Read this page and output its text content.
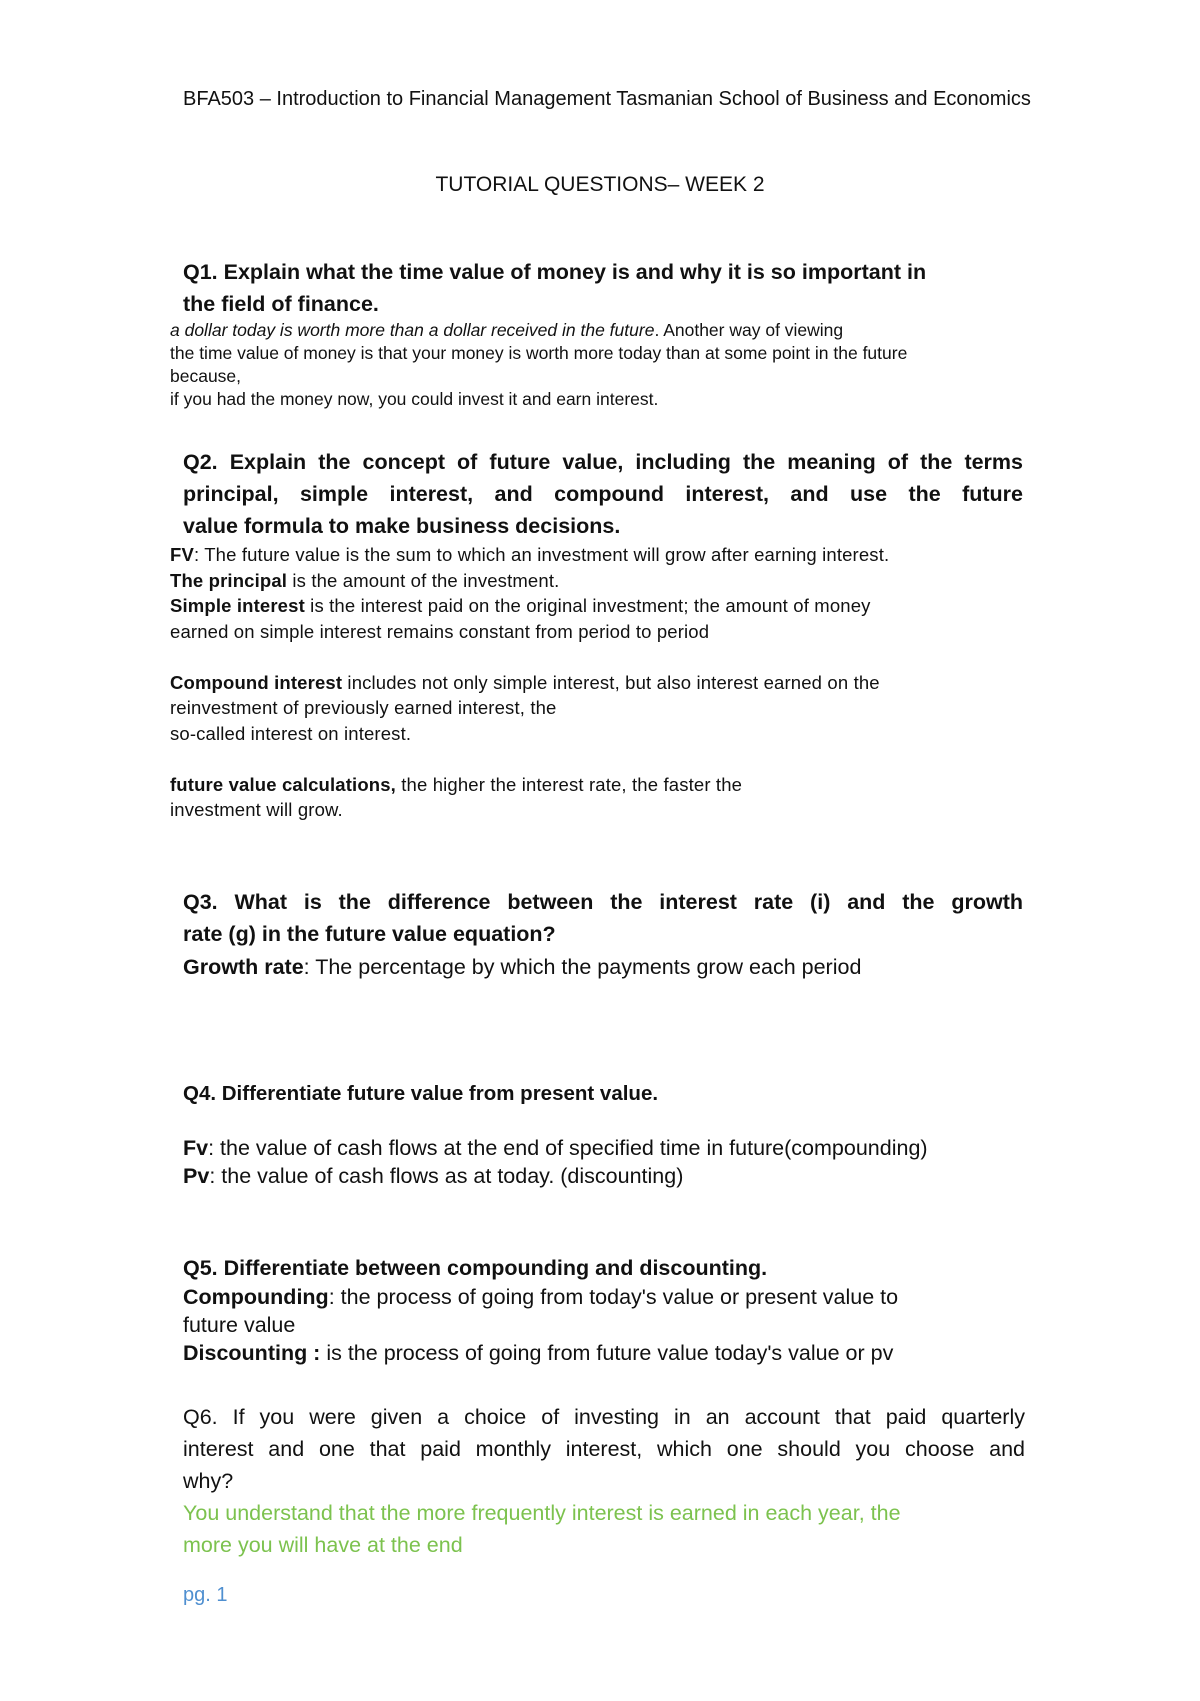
BFA503 – Introduction to Financial Management Tasmanian School of Business and Economics
TUTORIAL QUESTIONS– WEEK 2
Q1. Explain what the time value of money is and why it is so important in
the field of finance.
a dollar today is worth more than a dollar received in the future. Another way of viewing
the time value of money is that your money is worth more today than at some point in the future
because,
if you had the money now, you could invest it and earn interest.
Q2. Explain the concept of future value, including the meaning of the terms
principal, simple interest, and compound interest, and use the future
value formula to make business decisions.
FV: The future value is the sum to which an investment will grow after earning interest.
The principal is the amount of the investment.
Simple interest is the interest paid on the original investment; the amount of money
earned on simple interest remains constant from period to period

Compound interest includes not only simple interest, but also interest earned on the
reinvestment of previously earned interest, the
so-called interest on interest.

future value calculations, the higher the interest rate, the faster the
investment will grow.
Q3. What is the difference between the interest rate (i) and the growth
rate (g) in the future value equation?
Growth rate: The percentage by which the payments grow each period
Q4. Differentiate future value from present value.
Fv: the value of cash flows at the end of specified time in future(compounding)
Pv: the value of cash flows as at today. (discounting)
Q5. Differentiate between compounding and discounting.
Compounding: the process of going from today's value or present value to
future value
Discounting : is the process of going from future value today's value or pv
Q6. If you were given a choice of investing in an account that paid quarterly
interest and one that paid monthly interest, which one should you choose and
why?
You understand that the more frequently interest is earned in each year, the
more you will have at the end
pg. 1
